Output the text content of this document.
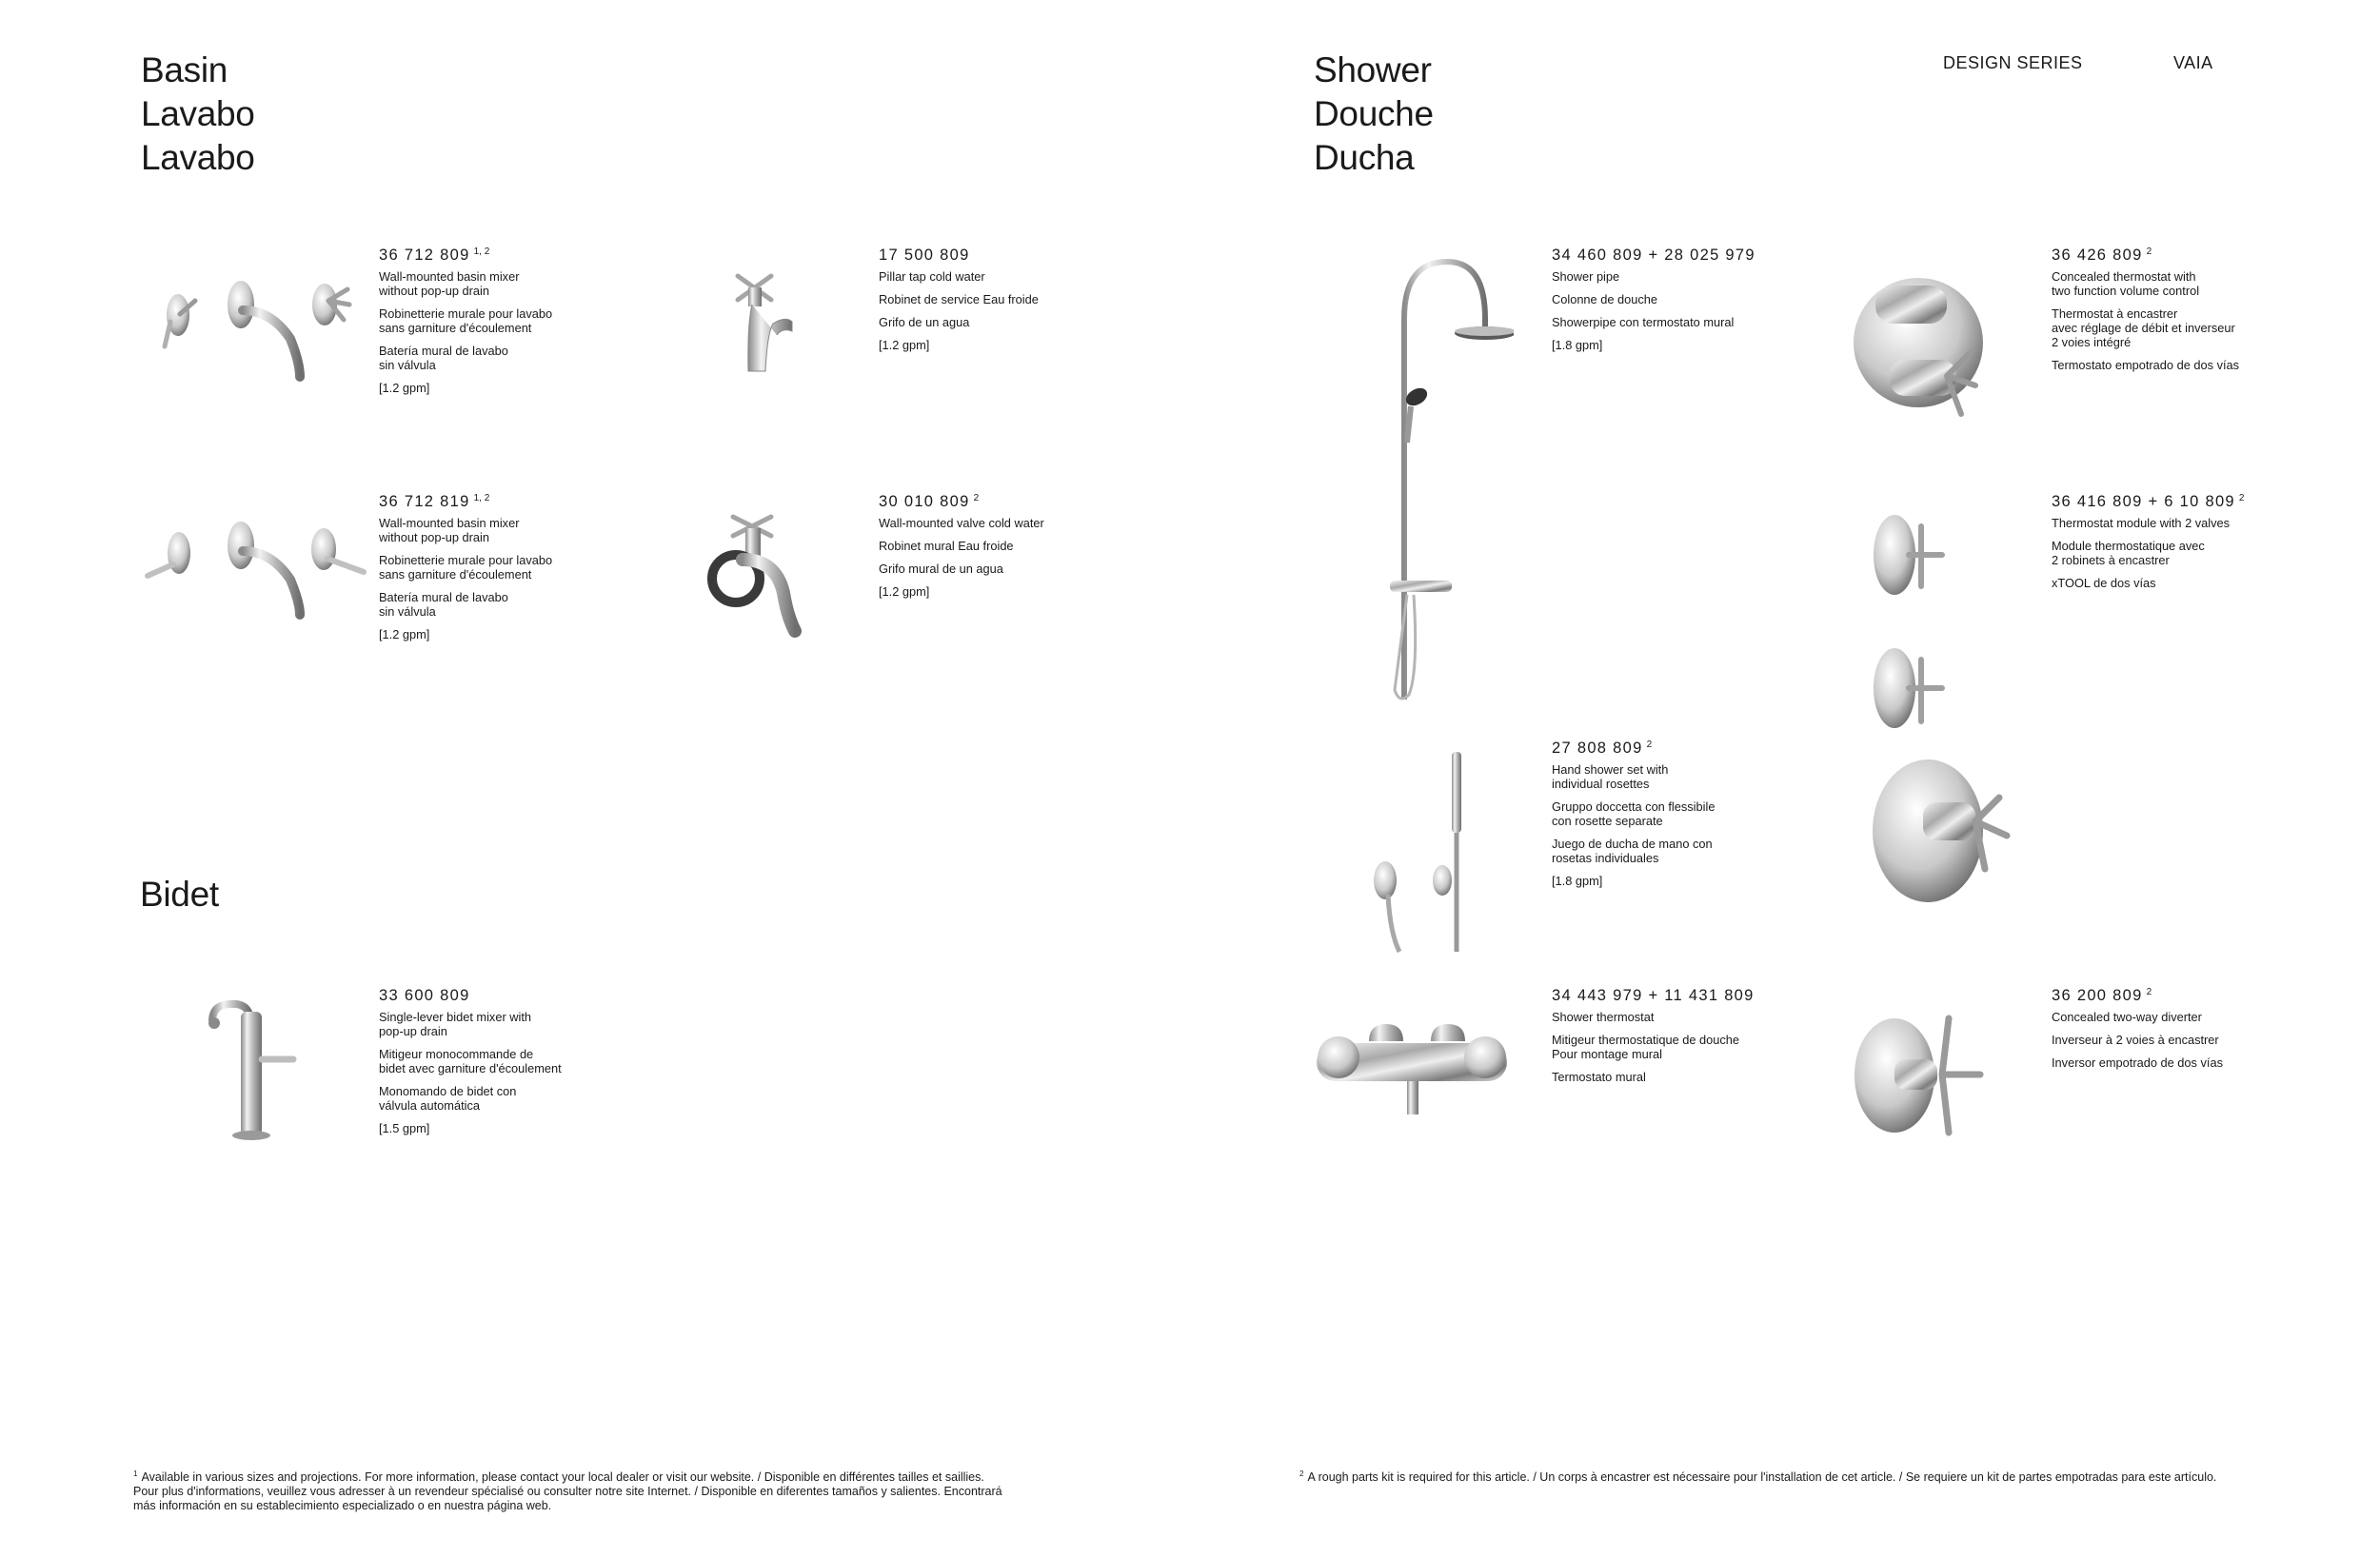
Basin
Lavabo
Lavabo
Shower
Douche
Ducha
Bidet
DESIGN SERIES	VAIA
36 712 809 $^{1, 2}$
Wall-mounted basin mixer
without pop-up drain
Robinetterie murale pour lavabo
sans garniture d'écoulement
Batería mural de lavabo
sin válvula
[1.2 gpm]
36 712 819 $^{1, 2}$
Wall-mounted basin mixer
without pop-up drain
Robinetterie murale pour lavabo
sans garniture d'écoulement
Batería mural de lavabo
sin válvula
[1.2 gpm]
17 500 809
Pillar tap cold water
Robinet de service Eau froide
Grifo de un agua
[1.2 gpm]
30 010 809 $^2$
Wall-mounted valve cold water
Robinet mural Eau froide
Grifo mural de un agua
[1.2 gpm]
33 600 809
Single-lever bidet mixer with
pop-up drain
Mitigeur monocommande de
bidet avec garniture d'écoulement
Monomando de bidet con
válvula automática
[1.5 gpm]
34 460 809 + 28 025 979
Shower pipe
Colonne de douche
Showerpipe con termostato mural
[1.8 gpm]
27 808 809 $^2$
Hand shower set with
individual rosettes
Gruppo doccetta con flessibile
con rosette separate
Juego de ducha de mano con
rosetas individuales
[1.8 gpm]
34 443 979 + 11 431 809
Shower thermostat
Mitigeur thermostatique de douche
Pour montage mural
Termostato mural
36 426 809 $^2$
Concealed thermostat with
two function volume control
Thermostat à encastrer
avec réglage de débit et inverseur
2 voies intégré
Termostato empotrado de dos vías
36 416 809 + 6 10 809 $^2$
Thermostat module with 2 valves
Module thermostatique avec
2 robinets à encastrer
xTOOL de dos vías
36 200 809 $^2$
Concealed two-way diverter
Inverseur à 2 voies à encastrer
Inversor empotrado de dos vías
$^1$ Available in various sizes and projections. For more information, please contact your local dealer or visit our website. / Disponible en différentes tailles et saillies.
Pour plus d'informations, veuillez vous adresser à un revendeur spécialisé ou consulter notre site Internet. / Disponible en diferentes tamaños y salientes. Encontrará
más información en su establecimiento especializado o en nuestra página web.
$^2$ A rough parts kit is required for this article. / Un corps à encastrer est nécessaire pour l'installation de cet article. / Se requiere un kit de partes empotradas para este artículo.
